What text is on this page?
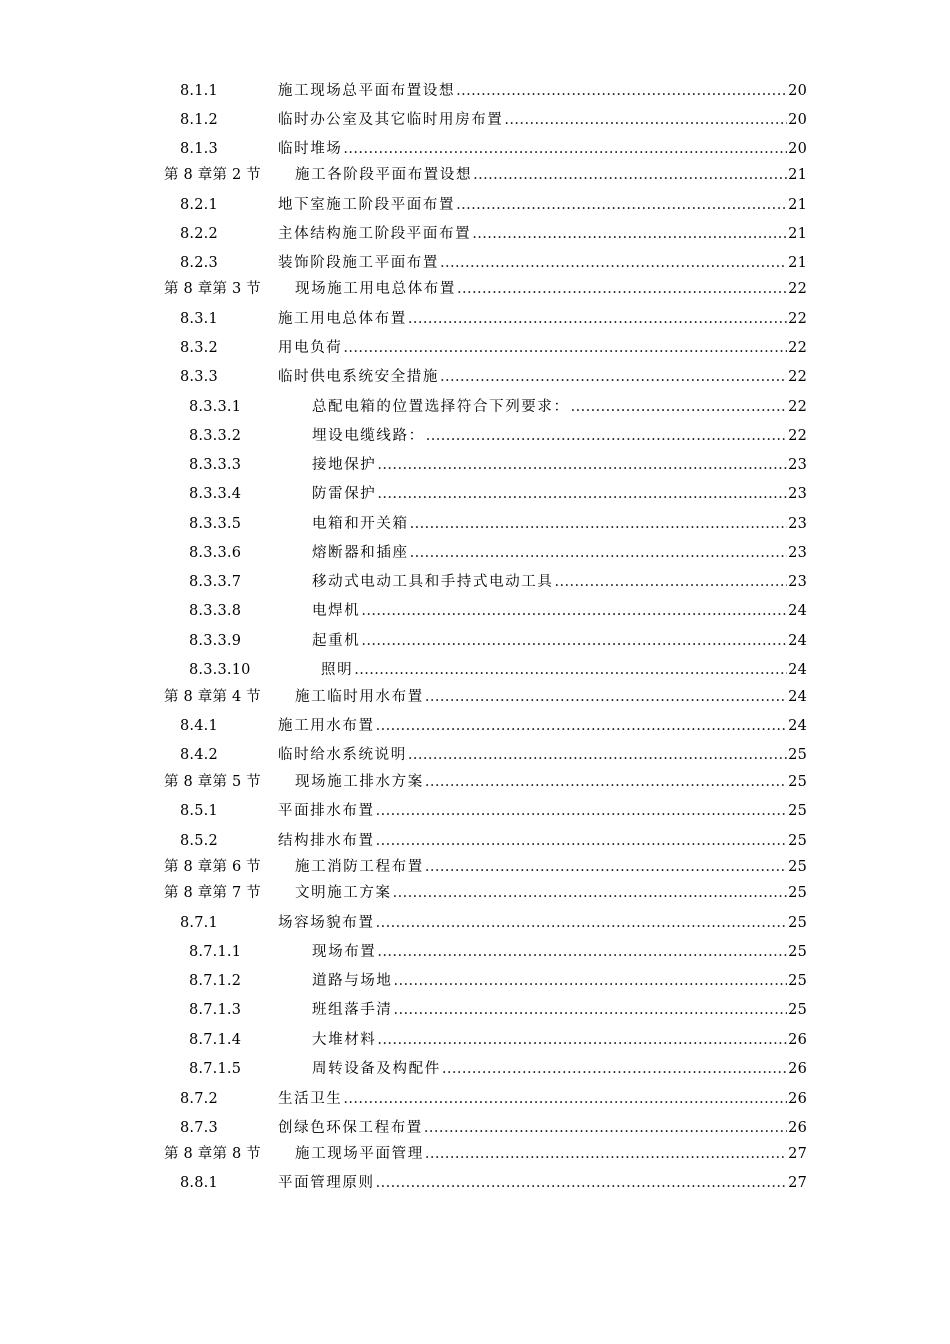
8.1.1	施工现场总平面布置设想 .....	20
8.1.2	临时办公室及其它临时用房布置 .....	20
8.1.3	临时堆场 .....	20
第 8 章第 2 节 施工各阶段平面布置设想 .....	21
8.2.1	地下室施工阶段平面布置 .....	21
8.2.2	主体结构施工阶段平面布置 .....	21
8.2.3	装饰阶段施工平面布置 .....	21
第 8 章第 3 节 现场施工用电总体布置 .....	22
8.3.1	施工用电总体布置 .....	22
8.3.2	用电负荷 .....	22
8.3.3	临时供电系统安全措施 .....	22
8.3.3.1	总配电箱的位置选择符合下列要求： .....	22
8.3.3.2	埋设电缆线路： .....	22
8.3.3.3	接地保护 .....	23
8.3.3.4	防雷保护 .....	23
8.3.3.5	电箱和开关箱 .....	23
8.3.3.6	熔断器和插座 .....	23
8.3.3.7	移动式电动工具和手持式电动工具 .....	23
8.3.3.8	电焊机 .....	24
8.3.3.9	起重机 .....	24
8.3.3.10	照明 .....	24
第 8 章第 4 节 施工临时用水布置 .....	24
8.4.1	施工用水布置 .....	24
8.4.2	临时给水系统说明 .....	25
第 8 章第 5 节 现场施工排水方案 .....	25
8.5.1	平面排水布置 .....	25
8.5.2	结构排水布置 .....	25
第 8 章第 6 节 施工消防工程布置 .....	25
第 8 章第 7 节 文明施工方案 .....	25
8.7.1	场容场貌布置 .....	25
8.7.1.1	现场布置 .....	25
8.7.1.2	道路与场地 .....	25
8.7.1.3	班组落手清 .....	25
8.7.1.4	大堆材料 .....	26
8.7.1.5	周转设备及构配件 .....	26
8.7.2	生活卫生 .....	26
8.7.3	创绿色环保工程布置 .....	26
第 8 章第 8 节 施工现场平面管理 .....	27
8.8.1	平面管理原则 .....	27
